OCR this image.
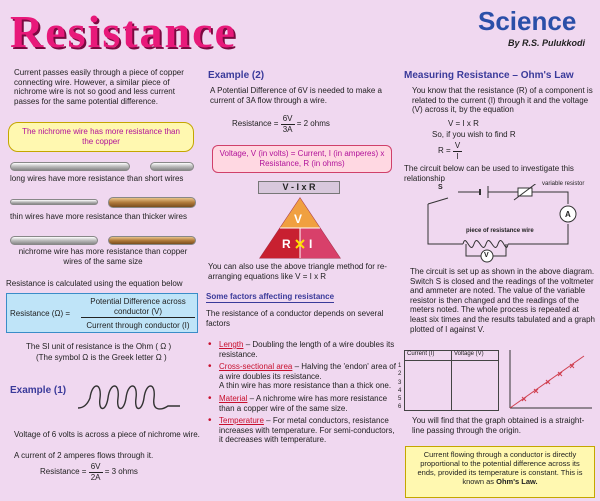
Resistance	Science
By R.S. Pulukkodi
Current passes easily through a piece of copper connecting wire. However, a similar piece of nichrome wire is not so good and less current passes for the same potential difference.
The nichrome wire has more resistance than the copper
long wires have more resistance than short wires
thin wires have more resistance than thicker wires
nichrome wire has more resistance than copper wires of the same size
Resistance is calculated using the equation below
Resistance (Ω) =
Potential Difference across conductor (V)
Current through conductor (I)
The SI unit of resistance is the Ohm ( Ω )
(The symbol Ω is the Greek letter Ω )
Example (1)
Voltage of 6 volts is across a piece of nichrome wire.
A current of 2 amperes flows through it.
Resistance = $\frac{6V}{2A} = 3$ ohms
Example (2)
A Potential Difference of 6V is needed to make a current of 3A flow through a wire.
Resistance = $\frac{6V}{3A} = 2$ ohms
Voltage, V (in volts) = Current, I (in amperes) x Resistance, R (in ohms)
V - I x R
V
R I
You can also use the above triangle method for re-arranging equations like V = I x R
Some factors affecting resistance
The resistance of a conductor depends on several factors
• Length – Doubling the length of a wire doubles its resistance.
• Cross-sectional area – Halving the 'endon' area of a wire doubles its resistance.
A thin wire has more resistance than a thick one.
• Material – A nichrome wire has more resistance than a copper wire of the same size.
• Temperature – For metal conductors, resistance increases with temperature. For semi-conductors, it decreases with temperature.
Measuring Resistance – Ohm's Law
You know that the resistance (R) of a component is related to the current (I) through it and the voltage (V) across it, by the equation
V = I x R
So, if you wish to find R
$R = \frac{V}{I}$
The circuit below can be used to investigate this relationship
variable resistor
S
piece of resistance wire
A
V
The circuit is set up as shown in the above diagram. Switch S is closed and the readings of the voltmeter and ammeter are noted. The value of the variable resistor is then changed and the readings of the meters noted. The whole process is repeated at least six times and the results tabulated and a graph plotted of I against V.
Current (I)	Voltage (V)

1
2
3
4
5
6
You will find that the graph obtained is a straight-line passing through the origin.
Current flowing through a conductor is directly proportional to the potential difference across its ends, provided its temperature is constant. This is known as Ohm's Law.
